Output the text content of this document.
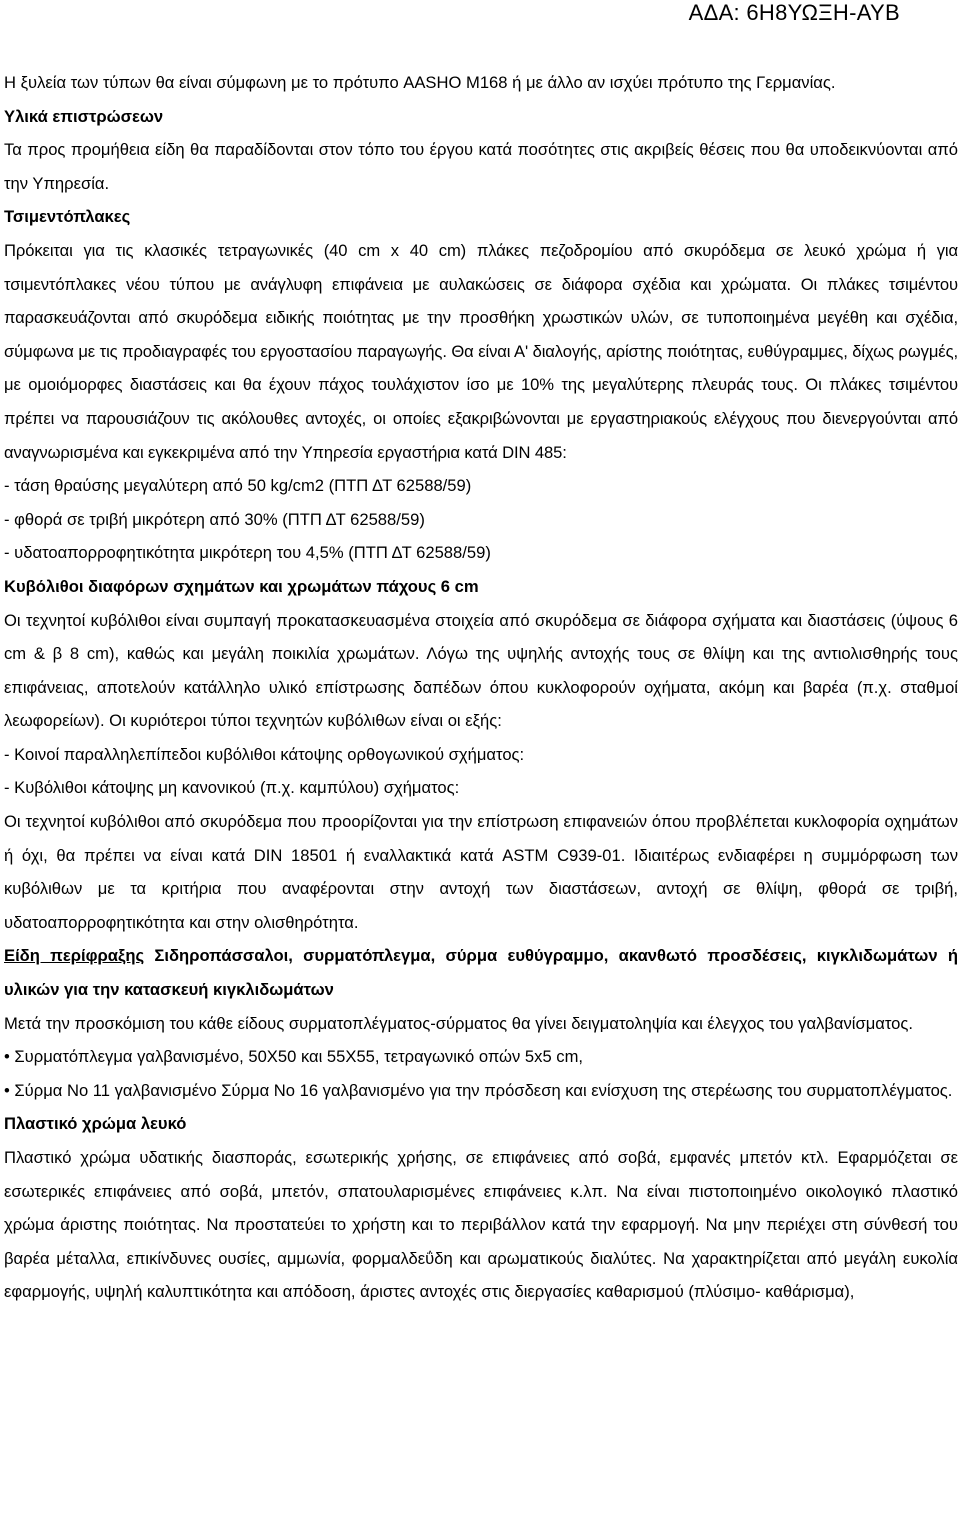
ΑΔΑ: 6Η8ΥΩΞΗ-ΑΥΒ

Η ξυλεία των τύπων θα είναι σύμφωνη με το πρότυπο AASHO M168 ή με άλλο αν ισχύει πρότυπο της Γερμανίας.

Υλικά επιστρώσεων

Τα προς προμήθεια είδη θα παραδίδονται στον τόπο του έργου κατά ποσότητες στις ακριβείς θέσεις που θα υποδεικνύονται από την Υπηρεσία.

Τσιμεντόπλακες

Πρόκειται για τις κλασικές τετραγωνικές (40 cm x 40 cm) πλάκες πεζοδρομίου από σκυρόδεμα σε λευκό χρώμα ή για τσιμεντόπλακες νέου τύπου με ανάγλυφη επιφάνεια με αυλακώσεις σε διάφορα σχέδια και χρώματα. Οι πλάκες τσιμέντου παρασκευάζονται από σκυρόδεμα ειδικής ποιότητας με την προσθήκη χρωστικών υλών, σε τυποποιημένα μεγέθη και σχέδια, σύμφωνα με τις προδιαγραφές του εργοστασίου παραγωγής. Θα είναι Α' διαλογής, αρίστης ποιότητας, ευθύγραμμες, δίχως ρωγμές, με ομοιόμορφες διαστάσεις και θα έχουν πάχος τουλάχιστον ίσο με 10% της μεγαλύτερης πλευράς τους. Οι πλάκες τσιμέντου πρέπει να παρουσιάζουν τις ακόλουθες αντοχές, οι οποίες εξακριβώνονται με εργαστηριακούς ελέγχους που διενεργούνται από αναγνωρισμένα και εγκεκριμένα από την Υπηρεσία εργαστήρια κατά DIN 485:

- τάση θραύσης μεγαλύτερη από 50 kg/cm2 (ΠΤΠ ΔΤ 62588/59)

- φθορά σε τριβή μικρότερη από 30% (ΠΤΠ ΔΤ 62588/59)

- υδατοαπορροφητικότητα μικρότερη του 4,5% (ΠΤΠ ΔΤ 62588/59)

Κυβόλιθοι διαφόρων σχημάτων και χρωμάτων πάχους 6 cm

Οι τεχνητοί κυβόλιθοι είναι συμπαγή προκατασκευασμένα στοιχεία από σκυρόδεμα σε διάφορα σχήματα και διαστάσεις (ύψους 6 cm & β 8 cm), καθώς και μεγάλη ποικιλία χρωμάτων. Λόγω της υψηλής αντοχής τους σε θλίψη και της αντιολισθηρής τους επιφάνειας, αποτελούν κατάλληλο υλικό επίστρωσης δαπέδων όπου κυκλοφορούν οχήματα, ακόμη και βαρέα (π.χ. σταθμοί λεωφορείων). Οι κυριότεροι τύποι τεχνητών κυβόλιθων είναι οι εξής:

- Κοινοί παραλληλεπίπεδοι κυβόλιθοι κάτοψης ορθογωνικού σχήματος:

- Κυβόλιθοι κάτοψης μη κανονικού (π.χ. καμπύλου) σχήματος:

Οι τεχνητοί κυβόλιθοι από σκυρόδεμα που προορίζονται για την επίστρωση επιφανειών όπου προβλέπεται κυκλοφορία οχημάτων ή όχι, θα πρέπει να είναι κατά DIN 18501 ή εναλλακτικά κατά ASTM C939-01. Ιδιαιτέρως ενδιαφέρει η συμμόρφωση των κυβόλιθων με τα κριτήρια που αναφέρονται στην αντοχή των διαστάσεων, αντοχή σε θλίψη, φθορά σε τριβή, υδατοαπορροφητικότητα και στην ολισθηρότητα.

Είδη περίφραξης Σιδηροπάσσαλοι, συρματόπλεγμα, σύρμα ευθύγραμμο, ακανθωτό προσδέσεις, κιγκλιδωμάτων ή υλικών για την κατασκευή κιγκλιδωμάτων

Μετά την προσκόμιση του κάθε είδους συρματοπλέγματος-σύρματος θα γίνει δειγματοληψία και έλεγχος του γαλβανίσματος.

• Συρματόπλεγμα γαλβανισμένο, 50Χ50 και 55Χ55, τετραγωνικό οπών 5x5 cm,

• Σύρμα Νο 11 γαλβανισμένο Σύρμα Νο 16 γαλβανισμένο για την πρόσδεση και ενίσχυση της στερέωσης του συρματοπλέγματος.

Πλαστικό χρώμα λευκό

Πλαστικό χρώμα υδατικής διασποράς, εσωτερικής χρήσης, σε επιφάνειες από σοβά, εμφανές μπετόν κτλ. Εφαρμόζεται σε εσωτερικές επιφάνειες από σοβά, μπετόν, σπατουλαρισμένες επιφάνειες κ.λπ. Να είναι πιστοποιημένο οικολογικό πλαστικό χρώμα άριστης ποιότητας. Να προστατεύει το χρήστη και το περιβάλλον κατά την εφαρμογή. Να μην περιέχει στη σύνθεσή του βαρέα μέταλλα, επικίνδυνες ουσίες, αμμωνία, φορμαλδεΰδη και αρωματικούς διαλύτες. Να χαρακτηρίζεται από μεγάλη ευκολία εφαρμογής, υψηλή καλυπτικότητα και απόδοση, άριστες αντοχές στις διεργασίες καθαρισμού (πλύσιμο- καθάρισμα),
